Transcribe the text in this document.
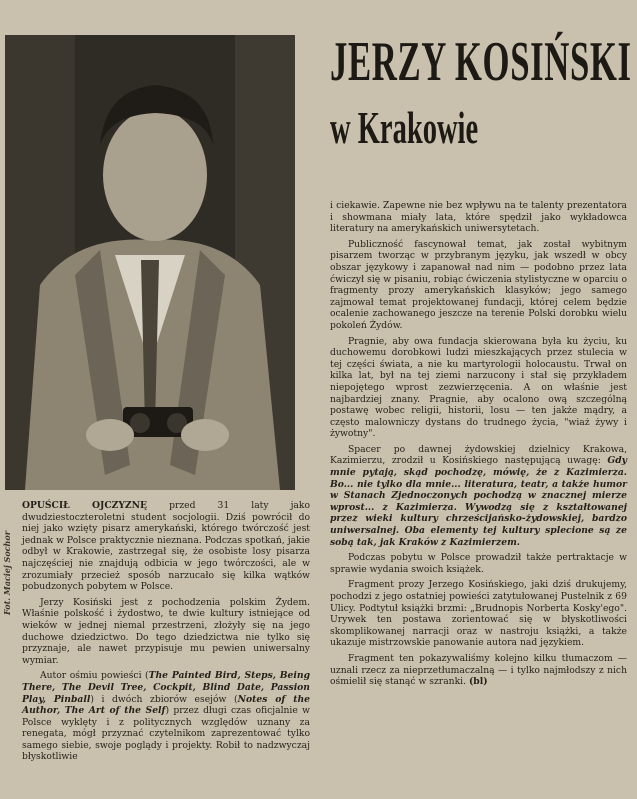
JERZY KOSIŃSKI
w Krakowie
Fot. Maciej Sochor

OPUŚCIŁ OJCZYZNĘ przed 31 laty jako dwudziestoczteroletni student socjologii. Dziś powrócił do niej jako wzięty pisarz amerykański, którego twórczość jest jednak w Polsce praktycznie nieznana. Podczas spotkań, jakie odbył w Krakowie, zastrzegał się, że osobiste losy pisarza najczęściej nie znajdują odbicia w jego twórczości, ale w zrozumiały przecież sposób narzucało się kilka wątków pobudzonych pobytem w Polsce.

Jerzy Kosiński jest z pochodzenia polskim Żydem. Właśnie polskość i żydostwo, te dwie kultury istniejące od wieków w jednej niemal przestrzeni, złożyły się na jego duchowe dziedzictwo. Do tego dziedzictwa nie tylko się przyznaje, ale nawet przypisuje mu pewien uniwersalny wymiar.

Autor ośmiu powieści (The Painted Bird, Steps, Being There, The Devil Tree, Cockpit, Blind Date, Passion Play, Pinball) i dwóch zbiorów esejów (Notes of the Author, The Art of the Self) przez długi czas oficjalnie w Polsce wyklęty i z politycznych względów uznany za renegata, mógł przyznać czytelnikom zaprezentować tylko samego siebie, swoje poglądy i projekty. Robił to nadzwyczaj błyskotliwie

i ciekawie. Zapewne nie bez wpływu na te talenty prezentatora i showmana miały lata, które spędził jako wykładowca literatury na amerykańskich uniwersytetach.

Publiczność fascynował temat, jak został wybitnym pisarzem tworząc w przybranym języku, jak wszedł w obcy obszar językowy i zapanował nad nim — podobno przez lata ćwiczył się w pisaniu, robiąc ćwiczenia stylistyczne w oparciu o fragmenty prozy amerykańskich klasyków; jego samego zajmował temat projektowanej fundacji, której celem będzie ocalenie zachowanego jeszcze na terenie Polski dorobku wielu pokoleń Żydów.

Pragnie, aby owa fundacja skierowana była ku życiu, ku duchowemu dorobkowi ludzi mieszkających przez stulecia w tej części świata, a nie ku martyrologii holocaustu. Trwał on kilka lat, był na tej ziemi narzucony i stał się przykładem niepojętego wprost zezwierzęcenia. A on właśnie jest najbardziej znany. Pragnie, aby ocalono ową szczególną postawę wobec religii, historii, losu — ten jakże mądry, a często malowniczy dystans do trudnego życia, "wiaż żywy i żywotny".

Spacer po dawnej żydowskiej dzielnicy Krakowa, Kazimierzu, zrodził u Kosińskiego następującą uwagę: Gdy mnie pytają, skąd pochodzę, mówię, że z Kazimierza. Bo... nie tylko dla mnie... literatura, teatr, a także humor w Stanach Zjednoczonych pochodzą w znacznej mierze wprost... z Kazimierza. Wywodzą się z kształtowanej przez wieki kultury chrześcijańsko-żydowskiej, bardzo uniwersalnej. Oba elementy tej kultury splecione są ze sobą tak, jak Kraków z Kazimierzem.

Podczas pobytu w Polsce prowadził także pertraktacje w sprawie wydania swoich książek.

Fragment prozy Jerzego Kosińskiego, jaki dziś drukujemy, pochodzi z jego ostatniej powieści zatytułowanej Pustelnik z 69 Ulicy. Podtytuł książki brzmi: „Brudnopis Norberta Kosky'ego". Urywek ten postawa zorientować się w błyskotliwości skomplikowanej narracji oraz w nastroju książki, a także ukazuje mistrzowskie panowanie autora nad językiem.

Fragment ten pokazywaliśmy kolejno kilku tłumaczom — uznali rzecz za nieprzetłumaczalną — i tylko najmłodszy z nich ośmielił się stanąć w szranki. (bl)
